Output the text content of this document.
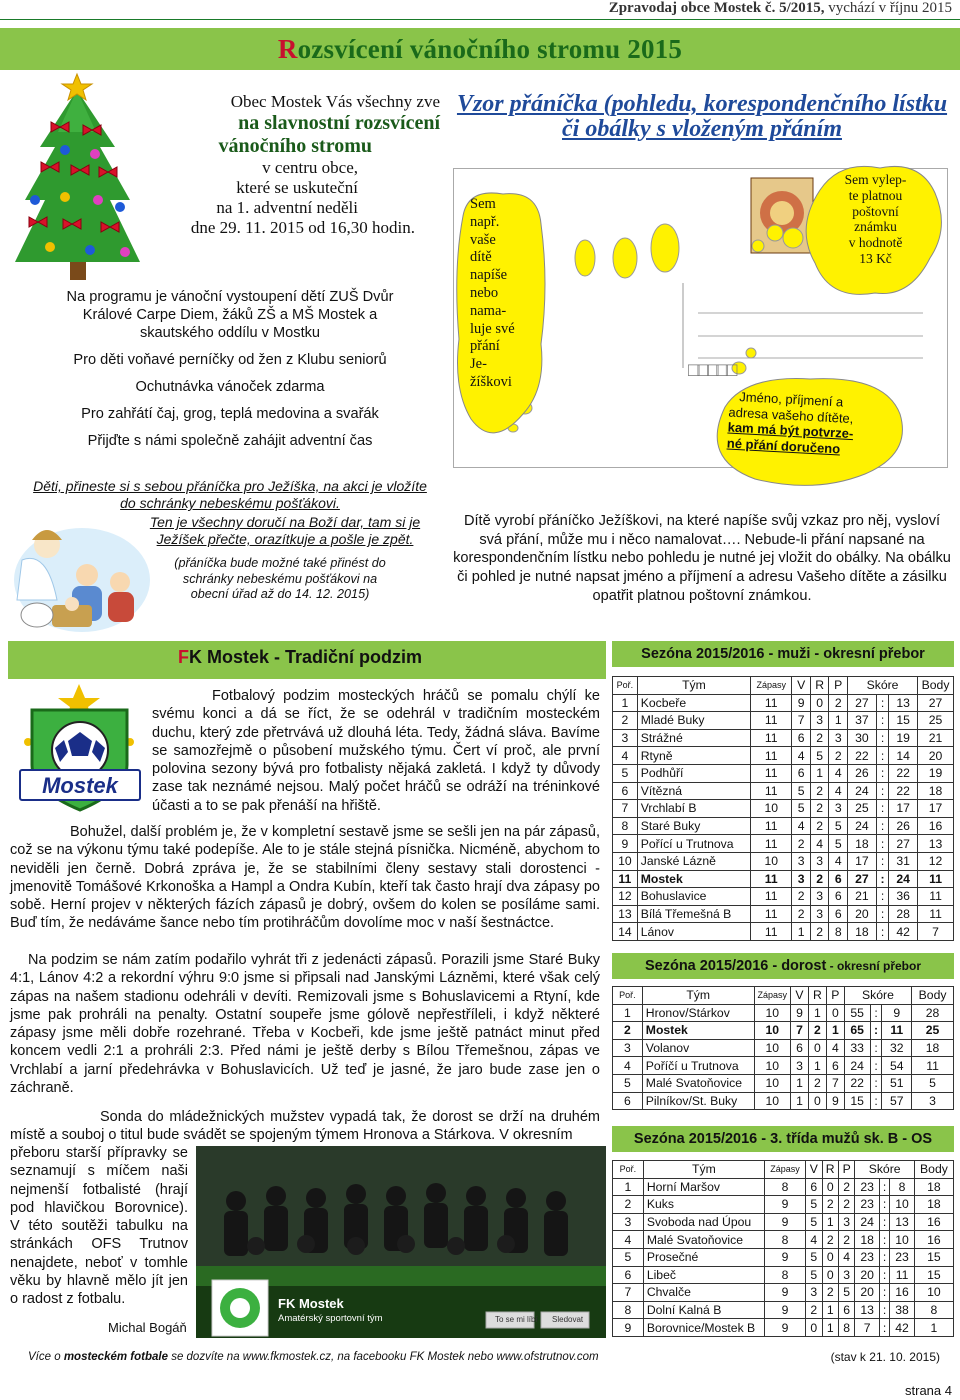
Zpravodaj obce Mostek č. 5/2015, vychází v říjnu 2015
Rozsvícení vánočního stromu 2015
Obec Mostek Vás všechny zve
na slavnostní rozsvícení
vánočního stromu
v centru obce,
které se uskuteční
na 1. adventní neděli
dne 29. 11. 2015 od 16,30 hodin.

Na programu je vánoční vystoupení dětí ZUŠ Dvůr Králové Carpe Diem, žáků ZŠ a MŠ Mostek a skautského oddílu v Mostku

Pro děti voňavé perníčky od žen z Klubu seniorů

Ochutnávka vánoček zdarma

Pro zahřátí čaj, grog, teplá medovina a svařák

Přijďte s námi společně zahájit adventní čas

Děti, přineste si s sebou přáníčka pro Ježíška, na akci je vložíte do schránky nebeskému pošťákovi.

Ten je všechny doručí na Boží dar, tam si je Ježíšek přečte, orazítkuje a pošle je zpět.

(přáníčka bude možné také přinést do schránky nebeskému pošťákovi na obecní úřad až do 14. 12. 2015)

Vzor přáníčka (pohledu, korespondenčního lístku
či obálky s vloženým přáním
Sem
např.
vaše
dítě
napíše
nebo
nama-
luje své
přání
Je-
žíškovi
Sem vylep-
te platnou
poštovní
známku
v hodnotě
13 Kč
Jméno, příjmení a
adresa vašeho dítěte,
kam má být potvrze-
né přání doručeno
□□□□□
Dítě vyrobí přáníčko Ježíškovi, na které napíše svůj vzkaz pro něj, vysloví svá přání, může mu i něco namalovat…. Nebude-li přání napsané na korespondenčním lístku nebo pohledu je nutné jej vložit do obálky. Na obálku či pohled je nutné napsat jméno a příjmení a adresu Vašeho dítěte a zásilku opatřit platnou poštovní známkou.
FK Mostek - Tradiční podzim
Mostek
Fotbalový podzim mosteckých hráčů se pomalu chýlí ke svému konci a dá se říct, že se odehrál v tradičním mosteckém duchu, který zde přetrvává už dlouhá léta. Tedy, žádná sláva. Bavíme se samozřejmě o působení mužského týmu. Čert ví proč, ale první polovina sezony bývá pro fotbalisty nějaká zakletá. I když ty důvody zase tak neznámé nejsou. Malý počet hráčů se odráží na tréninkové účasti a to se pak přenáší na hřiště.
Bohužel, další problém je, že v kompletní sestavě jsme se sešli jen na pár zápasů, což se na výkonu týmu také podepíše. Ale to je stále stejná písnička. Nicméně, abychom to neviděli jen černě. Dobrá zpráva je, že se stabilními členy sestavy stali dorostenci - jmenovitě Tomášové Krkonoška a Hampl a Ondra Kubín, kteří tak často hrají dva zápasy po sobě. Herní projev v některých fázích zápasů je dobrý, ovšem do kolen se posíláme sami. Buď tím, že nedáváme šance nebo tím protihráčům dovolíme moc v naší šestnáctce.
Na podzim se nám zatím podařilo vyhrát tři z jedenácti zápasů. Porazili jsme Staré Buky 4:1, Lánov 4:2 a rekordní výhru 9:0 jsme si připsali nad Janskými Lázněmi, které však celý zápas na našem stadionu odehráli v devíti. Remizovali jsme s Bohuslavicemi a Rtyní, kde jsme pak prohráli na penalty. Ostatní soupeře jsme gólově nepřestříleli, i když některé zápasy jsme měli dobře rozehrané. Třeba v Kocbeři, kde jsme ještě patnáct minut před koncem vedli 2:1 a prohráli 2:3. Před námi je ještě derby s Bílou Třemešnou, zápas ve Vrchlabí a jarní předehrávka v Bohuslavicích. Už teď je jasné, že jaro bude zase jen o záchraně.
Sonda do mládežnických mužstev vypadá tak, že dorost se drží na druhém místě a souboj o titul bude svádět se spojeným týmem Hronova a Stárkova. V okresním
přeboru starší přípravky se seznamují s míčem naši nejmenší fotbalisté (hrají pod hlavičkou Borovnice). V této soutěži tabulku na stránkách OFS Trutnov nenajdete, neboť v tomhle věku by hlavně mělo jít jen o radost z fotbalu.
Michal Bogáň
FK Mostek
Amatérský sportovní tým	To se mi líbí Sledovat
Sezóna 2015/2016 - muži - okresní přebor
Poř.	Tým	Zápasy	V	R	P	Skóre			Body
1	Kocbeře	11	9	0	2	27	:	13	27
2	Mladé Buky	11	7	3	1	37	:	15	25
3	Strážné	11	6	2	3	30	:	19	21
4	Rtyně	11	4	5	2	22	:	14	20
5	Podhůří	11	6	1	4	26	:	22	19
6	Vítězná	11	5	2	4	24	:	22	18
7	Vrchlabí B	10	5	2	3	25	:	17	17
8	Staré Buky	11	4	2	5	24	:	26	16
9	Pořící u Trutnova	11	2	4	5	18	:	27	13
10	Janské Lázně	10	3	3	4	17	:	31	12
11	Mostek	11	3	2	6	27	:	24	11
12	Bohuslavice	11	2	3	6	21	:	36	11
13	Bílá Třemešná B	11	2	3	6	20	:	28	11
14	Lánov	11	1	2	8	18	:	42	7
Sezóna 2015/2016 - dorost - okresní přebor
Poř.	Tým	Zápasy	V	R	P	Skóre			Body
1	Hronov/Stárkov	10	9	1	0	55	:	9	28
2	Mostek	10	7	2	1	65	:	11	25
3	Volanov	10	6	0	4	33	:	32	18
4	Poříčí u Trutnova	10	3	1	6	24	:	54	11
5	Malé Svatoňovice	10	1	2	7	22	:	51	5
6	Pilníkov/St. Buky	10	1	0	9	15	:	57	3
Sezóna 2015/2016 - 3. třída mužů sk. B - OS
Poř.	Tým	Zápasy	V	R	P	Skóre			Body
1	Horní Maršov	8	6	0	2	23	:	8	18
2	Kuks	9	5	2	2	23	:	10	18
3	Svoboda nad Úpou	9	5	1	3	24	:	13	16
4	Malé Svatoňovice	8	4	2	2	18	:	10	16
5	Prosečné	9	5	0	4	23	:	23	15
6	Libeč	8	5	0	3	20	:	11	15
7	Chvalče	9	3	2	5	20	:	16	10
8	Dolní Kalná B	9	2	1	6	13	:	38	8
9	Borovnice/Mostek B	9	0	1	8	7	:	42	1
Více o mosteckém fotbale se dozvíte na www.fkmostek.cz, na facebooku FK Mostek nebo www.ofstrutnov.com	(stav k 21. 10. 2015)
strana 4
